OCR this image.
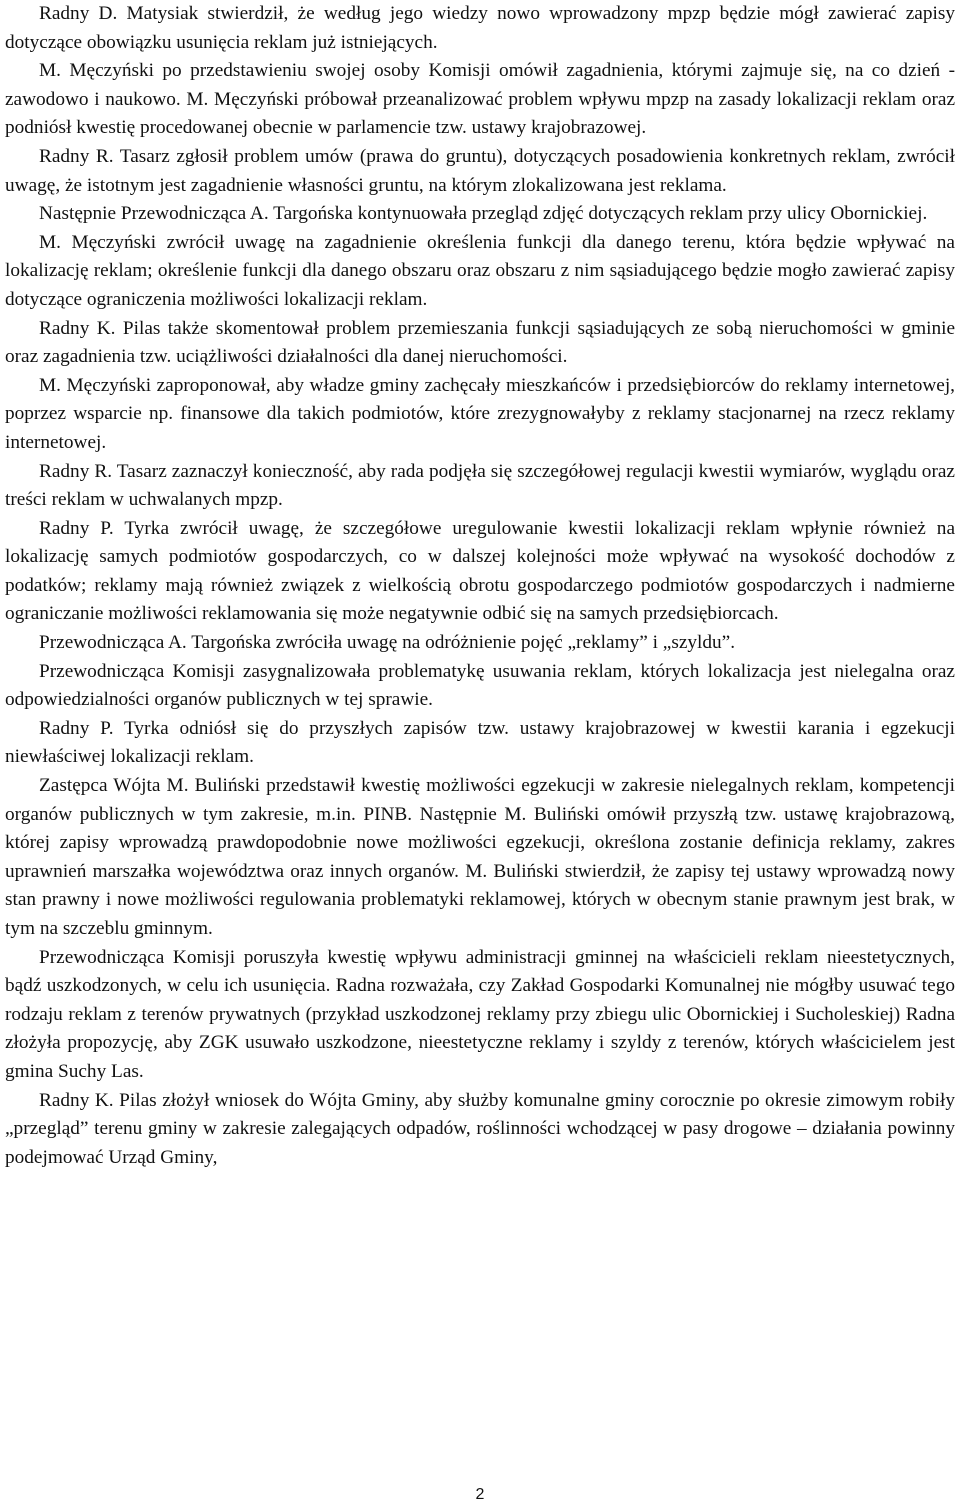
Radny D. Matysiak stwierdził, że według jego wiedzy nowo wprowadzony mpzp będzie mógł zawierać zapisy dotyczące obowiązku usunięcia reklam już istniejących.

M. Męczyński po przedstawieniu swojej osoby Komisji omówił zagadnienia, którymi zajmuje się, na co dzień - zawodowo i naukowo. M. Męczyński próbował przeanalizować problem wpływu mpzp na zasady lokalizacji reklam oraz podniósł kwestię procedowanej obecnie w parlamencie tzw. ustawy krajobrazowej.

Radny R. Tasarz zgłosił problem umów (prawa do gruntu), dotyczących posadowienia konkretnych reklam, zwrócił uwagę, że istotnym jest zagadnienie własności gruntu, na którym zlokalizowana jest reklama.

Następnie Przewodnicząca A. Targońska kontynuowała przegląd zdjęć dotyczących reklam przy ulicy Obornickiej.

M. Męczyński zwrócił uwagę na zagadnienie określenia funkcji dla danego terenu, która będzie wpływać na lokalizację reklam; określenie funkcji dla danego obszaru oraz obszaru z nim sąsiadującego będzie mogło zawierać zapisy dotyczące ograniczenia możliwości lokalizacji reklam.

Radny K. Pilas także skomentował problem przemieszania funkcji sąsiadujących ze sobą nieruchomości w gminie oraz zagadnienia tzw. uciążliwości działalności dla danej nieruchomości.

M. Męczyński zaproponował, aby władze gminy zachęcały mieszkańców i przedsiębiorców do reklamy internetowej, poprzez wsparcie np. finansowe dla takich podmiotów, które zrezygnowałyby z reklamy stacjonarnej na rzecz reklamy internetowej.

Radny R. Tasarz zaznaczył konieczność, aby rada podjęła się szczegółowej regulacji kwestii wymiarów, wyglądu oraz treści reklam w uchwalanych mpzp.

Radny P. Tyrka zwrócił uwagę, że szczegółowe uregulowanie kwestii lokalizacji reklam wpłynie również na lokalizację samych podmiotów gospodarczych, co w dalszej kolejności może wpływać na wysokość dochodów z podatków; reklamy mają również związek z wielkością obrotu gospodarczego podmiotów gospodarczych i nadmierne ograniczanie możliwości reklamowania się może negatywnie odbić się na samych przedsiębiorcach.

Przewodnicząca A. Targońska zwróciła uwagę na odróżnienie pojęć „reklamy” i „szyldu”.

Przewodnicząca Komisji zasygnalizowała problematykę usuwania reklam, których lokalizacja jest nielegalna oraz odpowiedzialności organów publicznych w tej sprawie.

Radny P. Tyrka odniósł się do przyszłych zapisów tzw. ustawy krajobrazowej w kwestii karania i egzekucji niewłaściwej lokalizacji reklam.

Zastępca Wójta M. Buliński przedstawił kwestię możliwości egzekucji w zakresie nielegalnych reklam, kompetencji organów publicznych w tym zakresie, m.in. PINB. Następnie M. Buliński omówił przyszłą tzw. ustawę krajobrazową, której zapisy wprowadzą prawdopodobnie nowe możliwości egzekucji, określona zostanie definicja reklamy, zakres uprawnień marszałka województwa oraz innych organów. M. Buliński stwierdził, że zapisy tej ustawy wprowadzą nowy stan prawny i nowe możliwości regulowania problematyki reklamowej, których w obecnym stanie prawnym jest brak, w tym na szczeblu gminnym.

Przewodnicząca Komisji poruszyła kwestię wpływu administracji gminnej na właścicieli reklam nieestetycznych, bądź uszkodzonych, w celu ich usunięcia. Radna rozważała, czy Zakład Gospodarki Komunalnej nie mógłby usuwać tego rodzaju reklam z terenów prywatnych (przykład uszkodzonej reklamy przy zbiegu ulic Obornickiej i Sucholeskiej) Radna złożyła propozycję, aby ZGK usuwało uszkodzone, nieestetyczne reklamy i szyldy z terenów, których właścicielem jest gmina Suchy Las.

Radny K. Pilas złożył wniosek do Wójta Gminy, aby służby komunalne gminy corocznie po okresie zimowym robiły „przegląd” terenu gminy w zakresie zalegających odpadów, roślinności wchodzącej w pasy drogowe – działania powinny podejmować Urząd Gminy,

2
